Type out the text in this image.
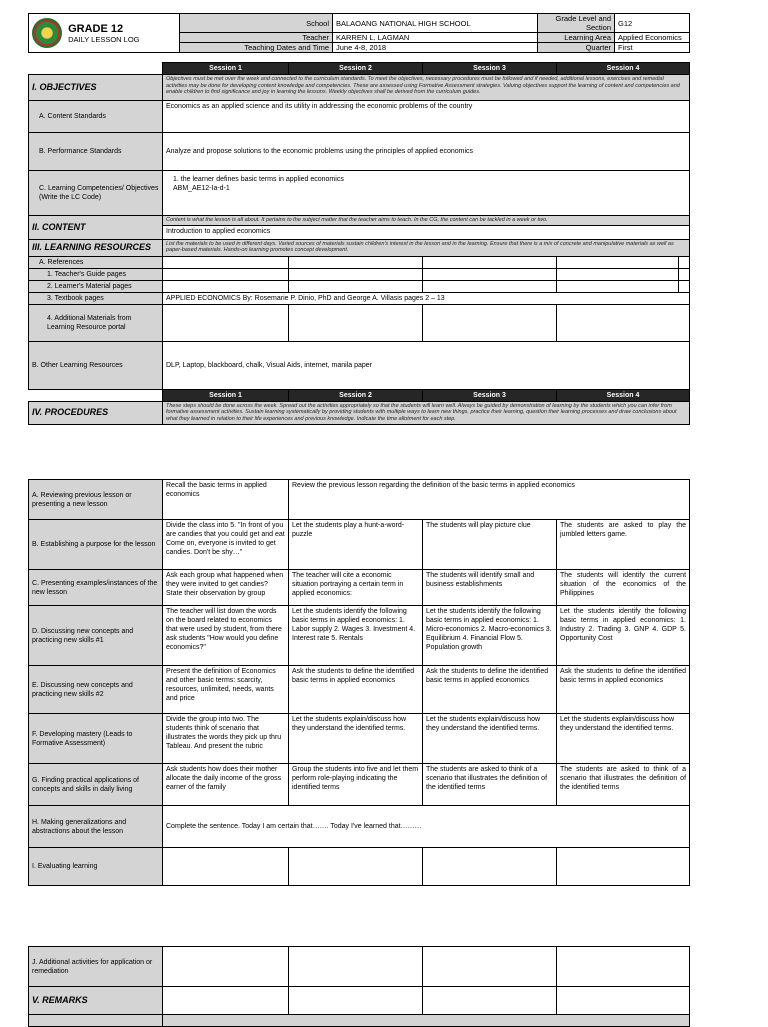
GRADE 12
DAILY LESSON LOG	School	BALAOANG NATIONAL HIGH SCHOOL	Grade Level and Section	G12
	Teacher	KARREN L. LAGMAN	Learning Area	Applied Economics
	Teaching Dates and Time	June 4-8, 2018	Quarter	First
	Session 1	Session 2	Session 3	Session 4	
I. OBJECTIVES	Objectives must be met over the week and connected to the curriculum standards. To meet the objectives, necessary procedures must be followed and if needed, additional lessons, exercises and remedial activities may be done for developing content knowledge and competencies. These are assessed using Formative Assessment strategies. Valuing objectives support the learning of content and competencies and enable children to find significance and joy in learning the lessons. Weekly objectives shall be derived from the curriculum guides.				
A. Content Standards	Economics as an applied science and its utility in addressing the economic problems of the country				
B. Performance Standards	Analyze and propose solutions to the economic problems using the principles of applied economics				
C. Learning Competencies/ Objectives (Write the LC Code)	1. the learner defines basic terms in applied economics
ABM_AE12-Ia-d-1				

II. CONTENT	Content is what the lesson is all about. It pertains to the subject matter that the teacher aims to teach. In the CG, the content can be tackled in a week or two.				
	Introduction to applied economics				
III. LEARNING RESOURCES	List the materials to be used in different days. Varied sources of materials sustain children's interest in the lesson and in the learning. Ensure that there is a mix of concrete and manipulative materials as well as paper-based materials. Hands-on learning promotes concept development.				
A. References					
1. Teacher's Guide pages					
2. Learner's Material pages					
3. Textbook pages	APPLIED ECONOMICS By: Rosemarie P. Dinio, PhD and George A. Villasis pages 2 – 13				
4. Additional Materials from Learning Resource portal					
B. Other Learning Resources	DLP, Laptop, blackboard, chalk, Visual Aids, internet, manila paper				
	Session 1	Session 2	Session 3	Session 4	
IV. PROCEDURES	These steps should be done across the week. Spread out the activities appropriately so that the students will learn well. Always be guided by demonstration of learning by the students which you can infer from formative assessment activities. Sustain learning systematically by providing students with multiple ways to learn new things, practice their learning, question their learning processes and draw conclusions about what they learned in relation to their life experiences and previous knowledge. Indicate the time allotment for each step.				
A. Reviewing previous lesson or presenting a new lesson	Recall the basic terms in applied economics	Review the previous lesson regarding the definition of the basic terms in applied economics		
B. Establishing a purpose for the lesson	Divide the class into 5. "In front of you are candies that you could get and eat Come on, everyone is invited to get candies. Don't be shy…"	Let the students play a hunt-a-word-puzzle	The students will play picture clue	The students are asked to play the jumbled letters game.
C. Presenting examples/instances of the new lesson	Ask each group what happened when they were invited to get candies? State their observation by group	The teacher will cite a economic situation portraying a certain term in applied economics:	The students will identify small and business establishments	The students will identify the current situation of the economics of the Philippines
D. Discussing new concepts and practicing new skills #1	The teacher will list down the words on the board related to economics that were used by student, from there ask students "How would you define economics?"	Let the students identify the following basic terms in applied economics: 1. Labor supply 2. Wages 3. Investment 4. Interest rate 5. Rentals	Let the students identify the following basic terms in applied economics: 1. Micro-economics 2. Macro-economics 3. Equilibrium 4. Financial Flow 5. Population growth	Let the students identify the following basic terms in applied economics: 1. Industry 2. Trading 3. GNP 4. GDP 5. Opportunity Cost
E. Discussing new concepts and practicing new skills #2	Present the definition of Economics and other basic terms: scarcity, resources, unlimited, needs, wants and price	Ask the students to define the identified basic terms in applied economics	Ask the students to define the identified basic terms in applied economics	Ask the students to define the identified basic terms in applied economics
F. Developing mastery (Leads to Formative Assessment)	Divide the group into two. The students think of scenario that illustrates the words they pick up thru Tableau. And present the rubric	Let the students explain/discuss how they understand the identified terms.	Let the students explain/discuss how they understand the identified terms.	Let the students explain/discuss how they understand the identified terms.
G. Finding practical applications of concepts and skills in daily living	Ask students how does their mother allocate the daily income of the gross earner of the family	Group the students into five and let them perform role-playing indicating the identified terms	The students are asked to think of a scenario that illustrates the definition of the identified terms	The students are asked to think of a scenario that illustrates the definition of the identified terms
H. Making generalizations and abstractions about the lesson	Complete the sentence. Today I am certain that……. Today I've learned that………			
I. Evaluating learning				
J. Additional activities for application or remediation				
V. REMARKS				
